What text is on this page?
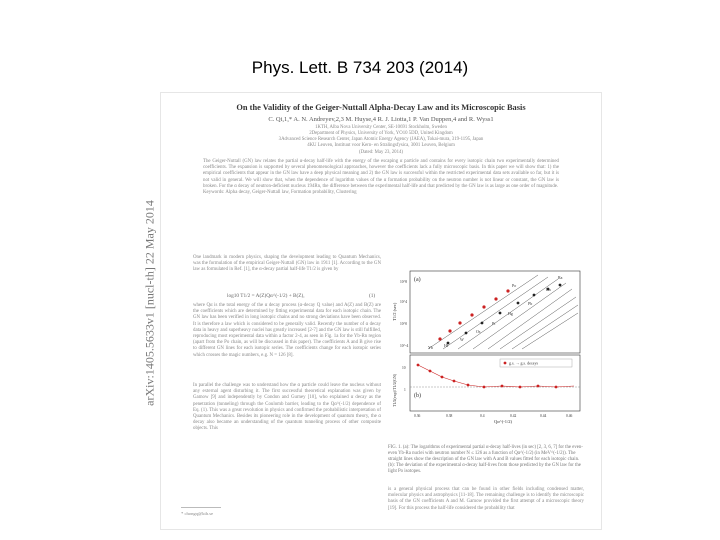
Phys. Lett. B 734 203 (2014)
arXiv:1405.5633v1 [nucl-th] 22 May 2014
On the Validity of the Geiger-Nuttall Alpha-Decay Law and its Microscopic Basis
C. Qi,1,* A. N. Andreyev,2,3 M. Huyse,4 R. J. Liotta,1 P. Van Duppen,4 and R. Wyss1
1KTH, Alba Nova University Center, SE-10691 Stockholm, Sweden
2Department of Physics, University of York, YO10 5DD, United Kingdom
3Advanced Science Research Center, Japan Atomic Energy Agency (JAEA), Tokai-mura, 319-1195, Japan
4KU Leuven, Instituut voor Kern- en Stralingsfysica, 3001 Leuven, Belgium
(Dated: May 23, 2014)
The Geiger-Nuttall (GN) law relates the partial α-decay half-life with the energy of the escaping α particle and contains for every isotopic chain two experimentally determined coefficients. The expansion is supported by several phenomenological approaches, however the coefficients lack a fully microscopic basis. In this paper we will show that: 1) the empirical coefficients that appear in the GN law have a deep physical meaning and 2) the GN law is successful within the restricted experimental data sets available so far, but it is not valid in general. We will show that, when the dependence of logarithm values of the α formation probability on the neutron number is not linear or constant, the GN law is broken. For the α decay of neutron-deficient nucleus 194Rn, the difference between the experimental half-life and that predicted by the GN law is as large as one order of magnitude.
Keywords: Alpha decay, Geiger-Nuttall law, Formation probability, Clustering
One landmark in modern physics, shaping the development leading to Quantum Mechanics, was the formulation of the empirical Geiger-Nuttall (GN) law in 1911 [1]. According to the GN law as formulated in Ref. [1], the α-decay partial half-life T1/2 is given by
log10 T1/2 = A(Z)Qα^(-1/2) + B(Z),	(1)
where Qα is the total energy of the α decay process (α-decay Q value) and A(Z) and B(Z) are the coefficients which are determined by fitting experimental data for each isotopic chain. The GN law has been verified in long isotopic chains and no strong deviations have been observed. It is therefore a law which is considered to be generally valid. Recently the number of α decay data in heavy and superheavy nuclei has greatly increased [2-7] and the GN law is still fulfilled, reproducing most experimental data within a factor 2-4, as seen in Fig. 1a for the Yb-Rn region (apart from the Po chain, as will be discussed in this paper). The coefficients A and B give rise to different GN lines for each isotopic series. The coefficients change for each isotopic series which crosses the magic numbers, e.g. N = 126 [8].
In parallel the challenge was to understand how the α particle could leave the nucleus without any external agent disturbing it. The first successful theoretical explanation was given by Gamow [9] and independently by Condon and Gurney [10], who explained α decay as the penetration (tunneling) through the Coulomb barrier, leading to the Qα^(-1/2) dependence of Eq. (1). This was a great revolution in physics and confirmed the probabilistic interpretation of Quantum Mechanics. Besides its pioneering role in the development of quantum theory, the α decay also became an understanding of the quantum tunneling process of other composite objects. This
(a)
(b)
T1/2 (sec)
T1/2(exp)/T1/2(GN)
Qα^(-1/2)
10^8
10^4
10^0
10^-4
10
1
0.36	0.38	0.4	0.42	0.44	0.46
Ra
Rn
Po
Pb
Hg
Pt
Os
W
Hf
Yb
g.s. → g.s. decays
FIG. 1. (a): The logarithms of experimental partial α-decay half-lives (in sec) [2, 3, 6, 7] for the even-even Yb-Ra nuclei with neutron number N ≤ 126 as a function of Qα^(-1/2) (in MeV^(-1/2)). The straight lines show the description of the GN law with A and B values fitted for each isotopic chain. (b): The deviation of the experimental α-decay half-lives from those predicted by the GN law for the light Po isotopes.
is a general physical process that can be found in other fields including condensed matter, molecular physics and astrophysics [11-18]. The remaining challenge is to identify the microscopic basis of the GN coefficients A and M. Gamow provided the first attempt of a microscopic theory [19]. For this process the half-life considered the probability that
* chongq@kth.se
